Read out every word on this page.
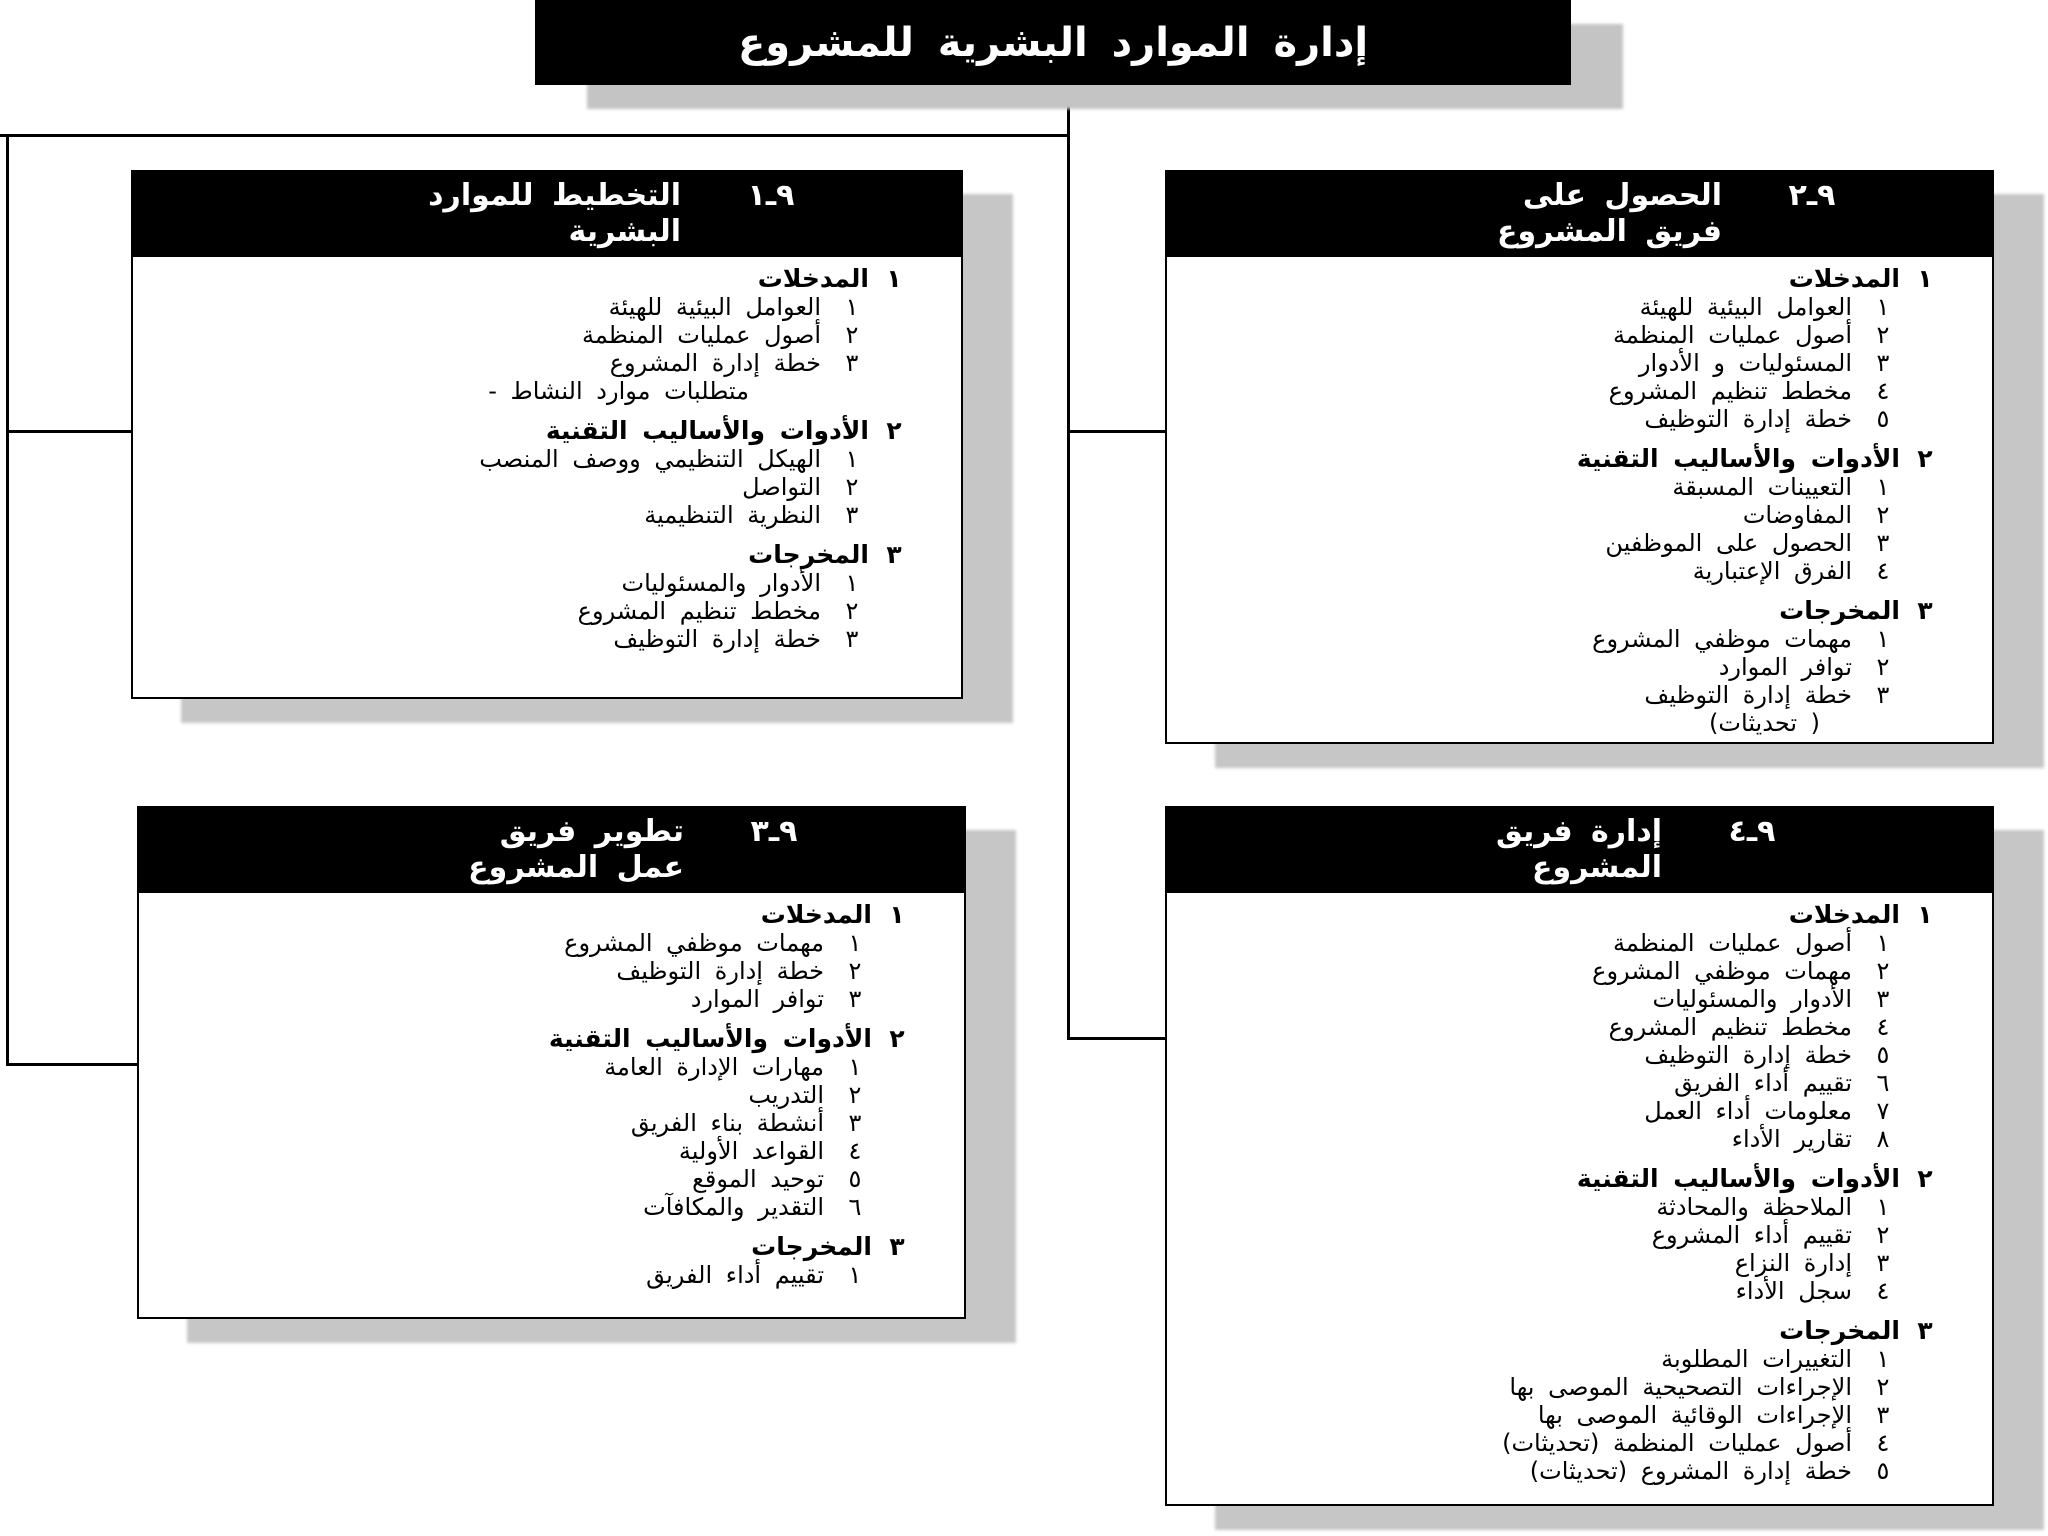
إدارة الموارد البشرية للمشروع
٩ـ١
التخطيط للموارد
البشرية
١
المدخلات
١
العوامل البيئية للهيئة
٢
أصول عمليات المنظمة
٣
خطة إدارة المشروع
- متطلبات موارد النشاط
٢
الأدوات والأساليب التقنية
١
الهيكل التنظيمي ووصف المنصب
٢
التواصل
٣
النظرية التنظيمية
٣
المخرجات
١
الأدوار والمسئوليات
٢
مخطط تنظيم المشروع
٣
خطة إدارة التوظيف
٩ـ٢
الحصول على
فريق المشروع
١
المدخلات
١
العوامل البيئية للهيئة
٢
أصول عمليات المنظمة
٣
المسئوليات و الأدوار
٤
مخطط تنظيم المشروع
٥
خطة إدارة التوظيف
٢
الأدوات والأساليب التقنية
١
التعيينات المسبقة
٢
المفاوضات
٣
الحصول على الموظفين
٤
الفرق الإعتبارية
٣
المخرجات
١
مهمات موظفي المشروع
٢
توافر الموارد
٣
خطة إدارة التوظيف
( تحديثات)
٩ـ٣
تطوير فريق
عمل المشروع
١
المدخلات
١
مهمات موظفي المشروع
٢
خطة إدارة التوظيف
٣
توافر الموارد
٢
الأدوات والأساليب التقنية
١
مهارات الإدارة العامة
٢
التدريب
٣
أنشطة بناء الفريق
٤
القواعد الأولية
٥
توحيد الموقع
٦
التقدير والمكافآت
٣
المخرجات
١
تقييم أداء الفريق
٩ـ٤
إدارة فريق
المشروع
١
المدخلات
١
أصول عمليات المنظمة
٢
مهمات موظفي المشروع
٣
الأدوار والمسئوليات
٤
مخطط تنظيم المشروع
٥
خطة إدارة التوظيف
٦
تقييم أداء الفريق
٧
معلومات أداء العمل
٨
تقارير الأداء
٢
الأدوات والأساليب التقنية
١
الملاحظة والمحادثة
٢
تقييم أداء المشروع
٣
إدارة النزاع
٤
سجل الأداء
٣
المخرجات
١
التغييرات المطلوبة
٢
الإجراءات التصحيحية الموصى بها
٣
الإجراءات الوقائية الموصى بها
٤
أصول عمليات المنظمة (تحديثات)
٥
خطة إدارة المشروع (تحديثات)
